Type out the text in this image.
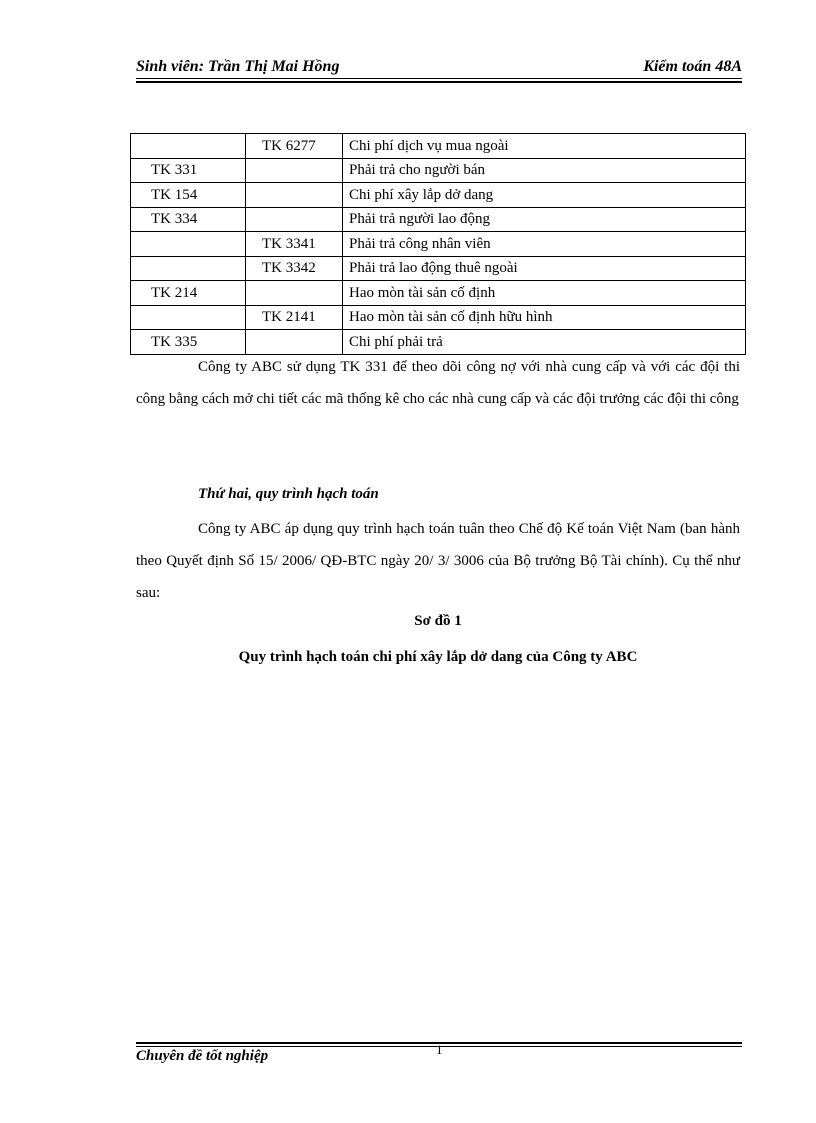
Sinh viên: Trần Thị Mai Hồng	Kiểm toán 48A
	TK 6277	Chi phí dịch vụ mua ngoài
TK 331		Phải trả cho người bán
TK 154		Chi phí xây lắp dở dang
TK 334		Phải trả người lao động
	TK 3341	Phải trả công nhân viên
	TK 3342	Phải trả lao động thuê ngoài
TK 214		Hao mòn tài sản cố định
	TK 2141	Hao mòn tài sản cố định hữu hình
TK 335		Chi phí phải trả
Công ty ABC sử dụng TK 331 để theo dõi công nợ với nhà cung cấp và với các đội thi công bằng cách mở chi tiết các mã thống kê cho các nhà cung cấp và các đội trưởng các đội thi công
Thứ hai, quy trình hạch toán
Công ty ABC áp dụng quy trình hạch toán tuân theo Chế độ Kế toán Việt Nam (ban hành theo Quyết định Số 15/ 2006/ QĐ-BTC ngày 20/ 3/ 3006 của Bộ trưởng Bộ Tài chính). Cụ thể như sau:
Sơ đồ 1
Quy trình hạch toán chi phí xây lắp dở dang của Công ty ABC
Chuyên đề tốt nghiệp	1
